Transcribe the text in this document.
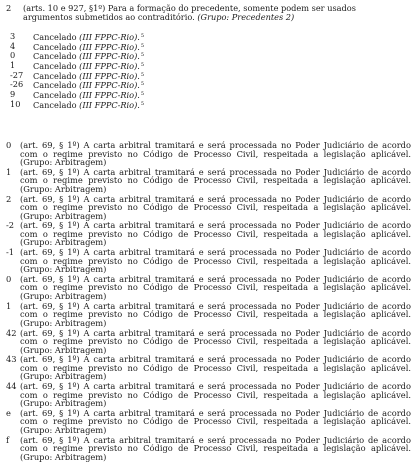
2	(arts. 10 e 927, §1º) Para a formação do precedente, somente podem ser usados argumentos submetidos ao contraditório. (Grupo: Precedentes 2)
3	Cancelado (III FPPC-Rio).$^5$
4	Cancelado (III FPPC-Rio).$^5$
0	Cancelado (III FPPC-Rio).$^5$
1	Cancelado (III FPPC-Rio).$^5$
-27	Cancelado (III FPPC-Rio).$^5$
-26	Cancelado (III FPPC-Rio).$^5$
9	Cancelado (III FPPC-Rio).$^5$
10	Cancelado (III FPPC-Rio).$^5$
0	(art. 69, § 1º) A carta arbitral tramitará e será processada no Poder Judiciário de acordo com o regime previsto no Código de Processo Civil, respeitada a legislação aplicável. (Grupo: Arbitragem)
1	(art. 69, § 1º) A carta arbitral tramitará e será processada no Poder Judiciário de acordo com o regime previsto no Código de Processo Civil, respeitada a legislação aplicável. (Grupo: Arbitragem)
2	(art. 69, § 1º) A carta arbitral tramitará e será processada no Poder Judiciário de acordo com o regime previsto no Código de Processo Civil, respeitada a legislação aplicável. (Grupo: Arbitragem)
-2 (art. 69, § 1º) A carta arbitral tramitará e será processada no Poder Judiciário de acordo com o regime previsto no Código de Processo Civil, respeitada a legislação aplicável. (Grupo: Arbitragem)
-1 (art. 69, § 1º) A carta arbitral tramitará e será processada no Poder Judiciário de acordo com o regime previsto no Código de Processo Civil, respeitada a legislação aplicável. (Grupo: Arbitragem)
0	(art. 69, § 1º) A carta arbitral tramitará e será processada no Poder Judiciário de acordo com o regime previsto no Código de Processo Civil, respeitada a legislação aplicável. (Grupo: Arbitragem)
1	(art. 69, § 1º) A carta arbitral tramitará e será processada no Poder Judiciário de acordo com o regime previsto no Código de Processo Civil, respeitada a legislação aplicável. (Grupo: Arbitragem)
42 (art. 69, § 1º) A carta arbitral tramitará e será processada no Poder Judiciário de acordo com o regime previsto no Código de Processo Civil, respeitada a legislação aplicável. (Grupo: Arbitragem)
43 (art. 69, § 1º) A carta arbitral tramitará e será processada no Poder Judiciário de acordo com o regime previsto no Código de Processo Civil, respeitada a legislação aplicável. (Grupo: Arbitragem)
44 (art. 69, § 1º) A carta arbitral tramitará e será processada no Poder Judiciário de acordo com o regime previsto no Código de Processo Civil, respeitada a legislação aplicável. (Grupo: Arbitragem)
e	(art. 69, § 1º) A carta arbitral tramitará e será processada no Poder Judiciário de acordo com o regime previsto no Código de Processo Civil, respeitada a legislação aplicável. (Grupo: Arbitragem)
f	(art. 69, § 1º) A carta arbitral tramitará e será processada no Poder Judiciário de acordo com o regime previsto no Código de Processo Civil, respeitada a legislação aplicável. (Grupo: Arbitragem)
